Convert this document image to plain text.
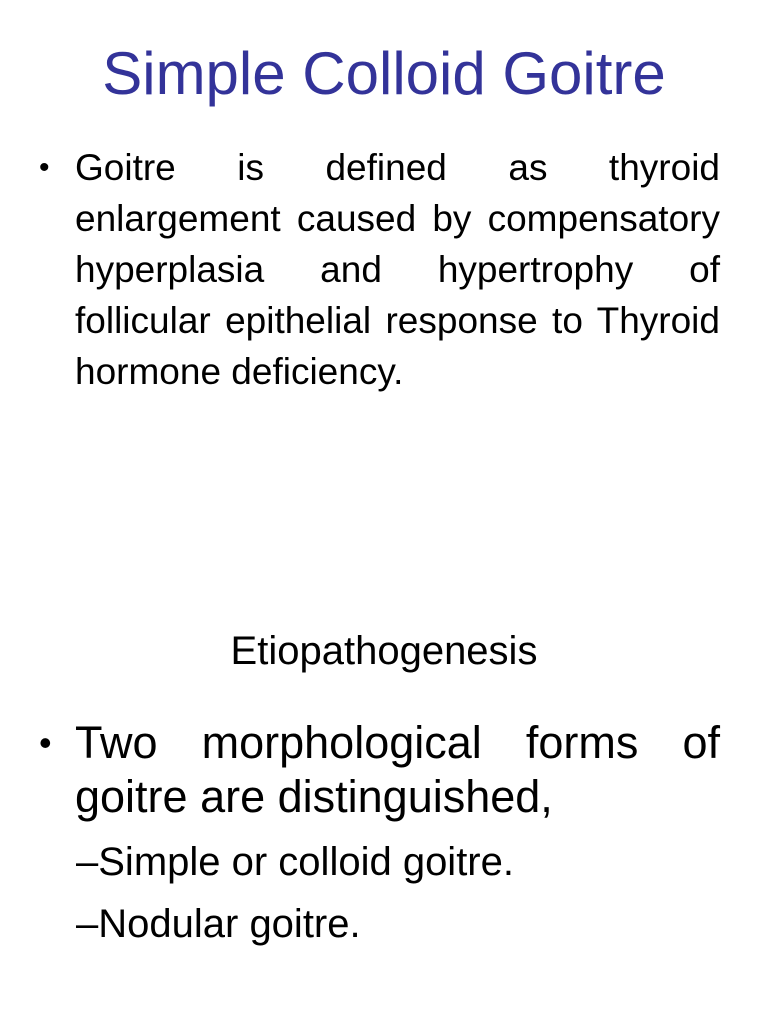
Simple Colloid Goitre
• Goitre is defined as thyroid enlargement caused by compensatory hyperplasia and hypertrophy of follicular epithelial response to Thyroid hormone deficiency.
Etiopathogenesis
• Two morphological forms of goitre are distinguished,
–Simple or colloid goitre.
–Nodular goitre.
